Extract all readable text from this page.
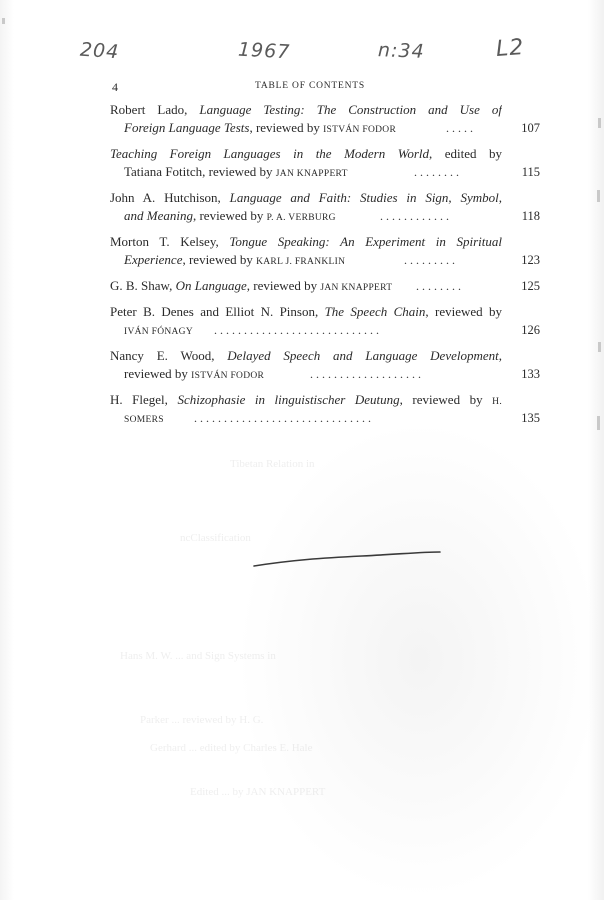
204	1967	n:34	L2
4	TABLE OF CONTENTS
Robert Lado, Language Testing: The Construction and Use of
Foreign Language Tests, reviewed by ISTVÁN FODOR	.....	107
Teaching Foreign Languages in the Modern World, edited by
Tatiana Fotitch, reviewed by JAN KNAPPERT	........	115
John A. Hutchison, Language and Faith: Studies in Sign, Symbol,
and Meaning, reviewed by P. A. VERBURG	............	118
Morton T. Kelsey, Tongue Speaking: An Experiment in Spiritual
Experience, reviewed by KARL J. FRANKLIN	.........	123
G. B. Shaw, On Language, reviewed by JAN KNAPPERT ........	125
Peter B. Denes and Elliot N. Pinson, The Speech Chain, reviewed by
IVÁN FÓNAGY ............................	126
Nancy E. Wood, Delayed Speech and Language Development,
reviewed by ISTVÁN FODOR	...................	133
H. Flegel, Schizophasie in linguistischer Deutung, reviewed by H.
SOMERS	..............................	135
Tibetan Relation in
ncClassification
Hans M. W. ... and Sign Systems in
Parker ... reviewed by H. G.
Gerhard ... edited by Charles E. Hale
Edited ... by JAN KNAPPERT
